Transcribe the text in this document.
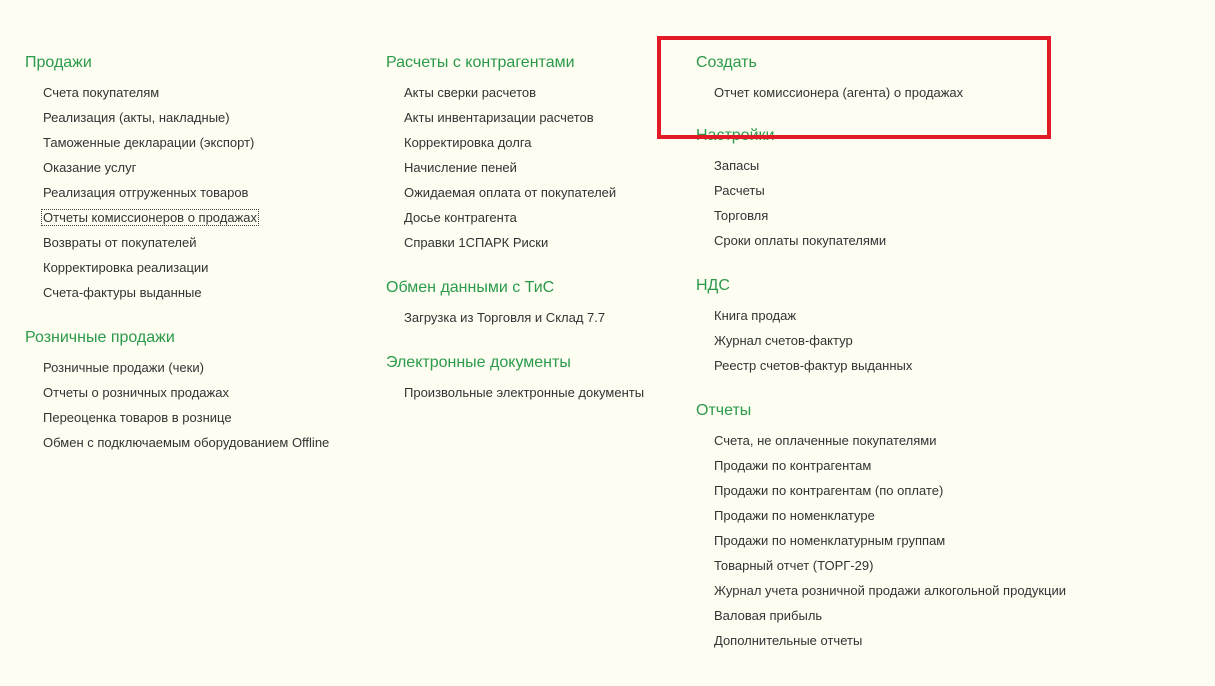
Продажи
Счета покупателям
Реализация (акты, накладные)
Таможенные декларации (экспорт)
Оказание услуг
Реализация отгруженных товаров
Отчеты комиссионеров о продажах
Возвраты от покупателей
Корректировка реализации
Счета-фактуры выданные
Розничные продажи
Розничные продажи (чеки)
Отчеты о розничных продажах
Переоценка товаров в рознице
Обмен с подключаемым оборудованием Offline
Расчеты с контрагентами
Акты сверки расчетов
Акты инвентаризации расчетов
Корректировка долга
Начисление пеней
Ожидаемая оплата от покупателей
Досье контрагента
Справки 1СПАРК Риски
Обмен данными с ТиС
Загрузка из Торговля и Склад 7.7
Электронные документы
Произвольные электронные документы
Создать
Отчет комиссионера (агента) о продажах
Настройки
Запасы
Расчеты
Торговля
Сроки оплаты покупателями
НДС
Книга продаж
Журнал счетов-фактур
Реестр счетов-фактур выданных
Отчеты
Счета, не оплаченные покупателями
Продажи по контрагентам
Продажи по контрагентам (по оплате)
Продажи по номенклатуре
Продажи по номенклатурным группам
Товарный отчет (ТОРГ-29)
Журнал учета розничной продажи алкогольной продукции
Валовая прибыль
Дополнительные отчеты
